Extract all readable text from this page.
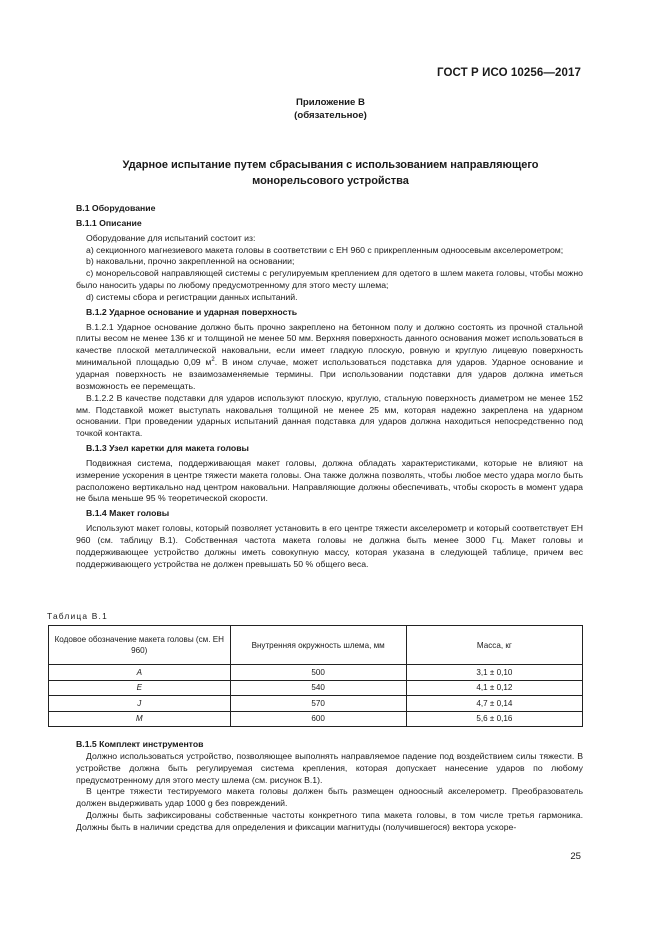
ГОСТ Р ИСО 10256—2017
Приложение В
(обязательное)
Ударное испытание путем сбрасывания с использованием направляющего монорельсового устройства

В.1 Оборудование

В.1.1 Описание

Оборудование для испытаний состоит из:

а) секционного магнезиевого макета головы в соответствии с ЕН 960 с прикрепленным одноосевым акселерометром;

b) наковальни, прочно закрепленной на основании;

с) монорельсовой направляющей системы с регулируемым креплением для одетого в шлем макета головы, чтобы можно было наносить удары по любому предусмотренному для этого месту шлема;

d) системы сбора и регистрации данных испытаний.

В.1.2 Ударное основание и ударная поверхность

В.1.2.1 Ударное основание должно быть прочно закреплено на бетонном полу и должно состоять из прочной стальной плиты весом не менее 136 кг и толщиной не менее 50 мм. Верхняя поверхность данного основания может использоваться в качестве плоской металлической наковальни, если имеет гладкую плоскую, ровную и круглую лицевую поверхность минимальной площадью 0,09 $м^2$. В ином случае, может использоваться подставка для ударов. Ударное основание и ударная поверхность не взаимозаменяемые термины. При использовании подставки для ударов должна иметься возможность ее перемещать.

В.1.2.2 В качестве подставки для ударов используют плоскую, круглую, стальную поверхность диаметром не менее 152 мм. Подставкой может выступать наковальня толщиной не менее 25 мм, которая надежно закреплена на ударном основании. При проведении ударных испытаний данная подставка для ударов должна находиться непосредственно под точкой контакта.

В.1.3 Узел каретки для макета головы

Подвижная система, поддерживающая макет головы, должна обладать характеристиками, которые не влияют на измерение ускорения в центре тяжести макета головы. Она также должна позволять, чтобы любое место удара могло быть расположено вертикально над центром наковальни. Направляющие должны обеспечивать, чтобы скорость в момент удара не была меньше 95 % теоретической скорости.

В.1.4 Макет головы

Используют макет головы, который позволяет установить в его центре тяжести акселерометр и который соответствует ЕН 960 (см. таблицу В.1). Собственная частота макета головы не должна быть менее 3000 Гц. Макет головы и поддерживающее устройство должны иметь совокупную массу, которая указана в следующей таблице, причем вес поддерживающего устройства не должен превышать 50 % общего веса.

Таблица В.1
Кодовое обозначение макета головы (см. ЕН 960)	Внутренняя окружность шлема, мм	Масса, кг
A	500	3,1 ± 0,10
E	540	4,1 ± 0,12
J	570	4,7 ± 0,14
M	600	5,6 ± 0,16

В.1.5 Комплект инструментов

Должно использоваться устройство, позволяющее выполнять направляемое падение под воздействием силы тяжести. В устройстве должна быть регулируемая система крепления, которая допускает нанесение ударов по любому предусмотренному для этого месту шлема (см. рисунок В.1).

В центре тяжести тестируемого макета головы должен быть размещен одноосный акселерометр. Преобразователь должен выдерживать удар 1000 g без повреждений.

Должны быть зафиксированы собственные частоты конкретного типа макета головы, в том числе третья гармоника. Должны быть в наличии средства для определения и фиксации магнитуды (получившегося) вектора ускоре-

25
